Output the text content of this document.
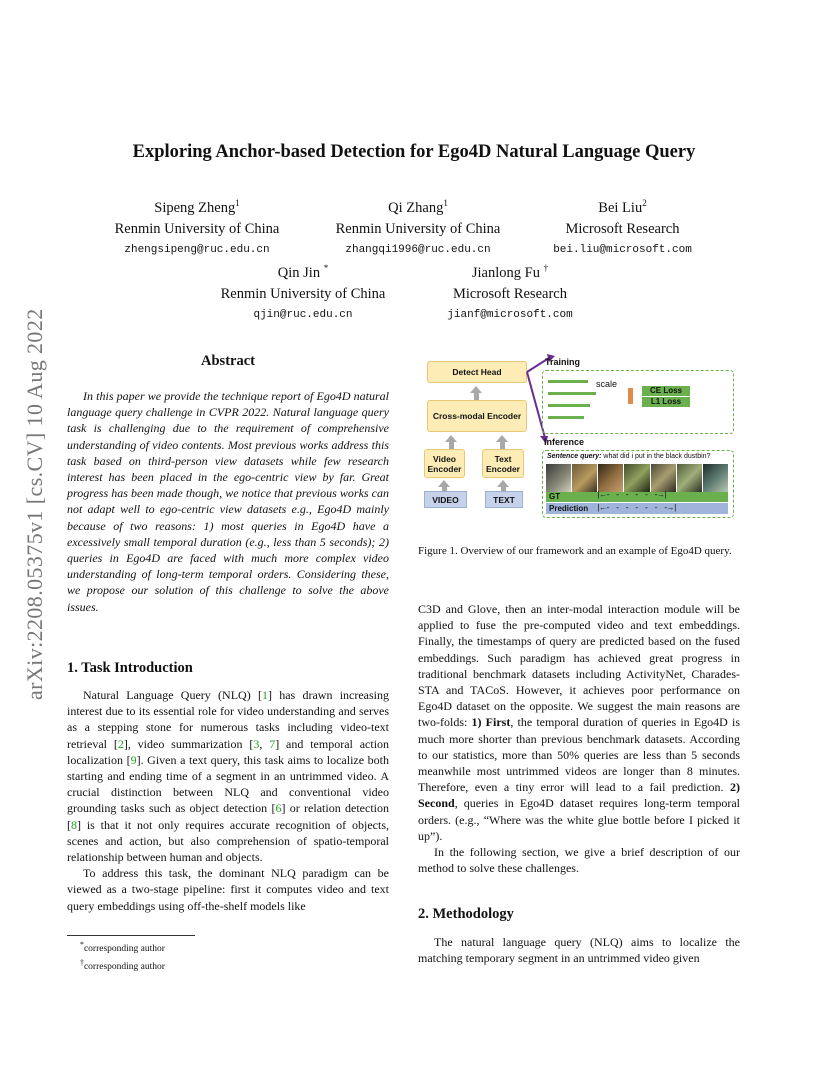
arXiv:2208.05375v1 [cs.CV] 10 Aug 2022
Exploring Anchor-based Detection for Ego4D Natural Language Query
Sipeng Zheng$^1$
Renmin University of China
zhengsipeng@ruc.edu.cn
Qi Zhang$^1$
Renmin University of China
zhangqi1996@ruc.edu.cn
Bei Liu$^2$
Microsoft Research
bei.liu@microsoft.com
Qin Jin *
Renmin University of China
qjin@ruc.edu.cn
Jianlong Fu †
Microsoft Research
jianf@microsoft.com
Abstract

In this paper we provide the technique report of Ego4D natural language query challenge in CVPR 2022. Natural language query task is challenging due to the requirement of comprehensive understanding of video contents. Most previous works address this task based on third-person view datasets while few research interest has been placed in the ego-centric view by far. Great progress has been made though, we notice that previous works can not adapt well to ego-centric view datasets e.g., Ego4D mainly because of two reasons: 1) most queries in Ego4D have a excessively small temporal duration (e.g., less than 5 seconds); 2) queries in Ego4D are faced with much more complex video understanding of long-term temporal orders. Considering these, we propose our solution of this challenge to solve the above issues.

1. Task Introduction

Natural Language Query (NLQ) [1] has drawn increasing interest due to its essential role for video understanding and serves as a stepping stone for numerous tasks including video-text retrieval [2], video summarization [3, 7] and temporal action localization [9]. Given a text query, this task aims to localize both starting and ending time of a segment in an untrimmed video. A crucial distinction between NLQ and conventional video grounding tasks such as object detection [6] or relation detection [8] is that it not only requires accurate recognition of objects, scenes and action, but also comprehension of spatio-temporal relationship between human and objects.

To address this task, the dominant NLQ paradigm can be viewed as a two-stage pipeline: first it computes video and text query embeddings using off-the-shelf models like

*corresponding author
†corresponding author
Detect Head
Cross-modal Encoder
Video Encoder
Text Encoder
VIDEO	TEXT
Training
scale
CE Loss
L1 Loss
Inference
Sentence query: what did i put in the black dustbin?
GT	|←- - - - - -→|
Prediction |←- - - - - - -→|
Figure 1. Overview of our framework and an example of Ego4D query.

C3D and Glove, then an inter-modal interaction module will be applied to fuse the pre-computed video and text embeddings. Finally, the timestamps of query are predicted based on the fused embeddings. Such paradigm has achieved great progress in traditional benchmark datasets including ActivityNet, Charades-STA and TACoS. However, it achieves poor performance on Ego4D dataset on the opposite. We suggest the main reasons are two-folds: 1) First, the temporal duration of queries in Ego4D is much more shorter than previous benchmark datasets. According to our statistics, more than 50% queries are less than 5 seconds meanwhile most untrimmed videos are longer than 8 minutes. Therefore, even a tiny error will lead to a fail prediction. 2) Second, queries in Ego4D dataset requires long-term temporal orders. (e.g., “Where was the white glue bottle before I picked it up”).

In the following section, we give a brief description of our method to solve these challenges.

2. Methodology

The natural language query (NLQ) aims to localize the matching temporary segment in an untrimmed video given
